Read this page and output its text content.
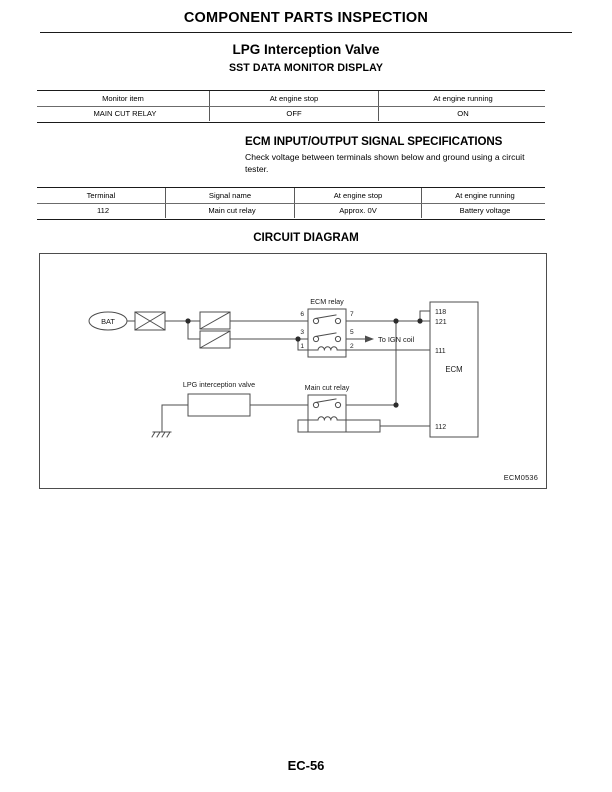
COMPONENT PARTS INSPECTION
LPG Interception Valve
SST DATA MONITOR DISPLAY
Monitor item	At engine stop	At engine running
MAIN CUT RELAY	OFF	ON
ECM INPUT/OUTPUT SIGNAL SPECIFICATIONS
Check voltage between terminals shown below and ground using a circuit tester.
Terminal	Signal name	At engine stop	At engine running
112	Main cut relay	Approx. 0V	Battery voltage
CIRCUIT DIAGRAM
BAT
ECM relay
6	7
3	5
1	2
To IGN coil
118
121
111
112
ECM
LPG interception valve	Main cut relay
ECM0536
EC-56
